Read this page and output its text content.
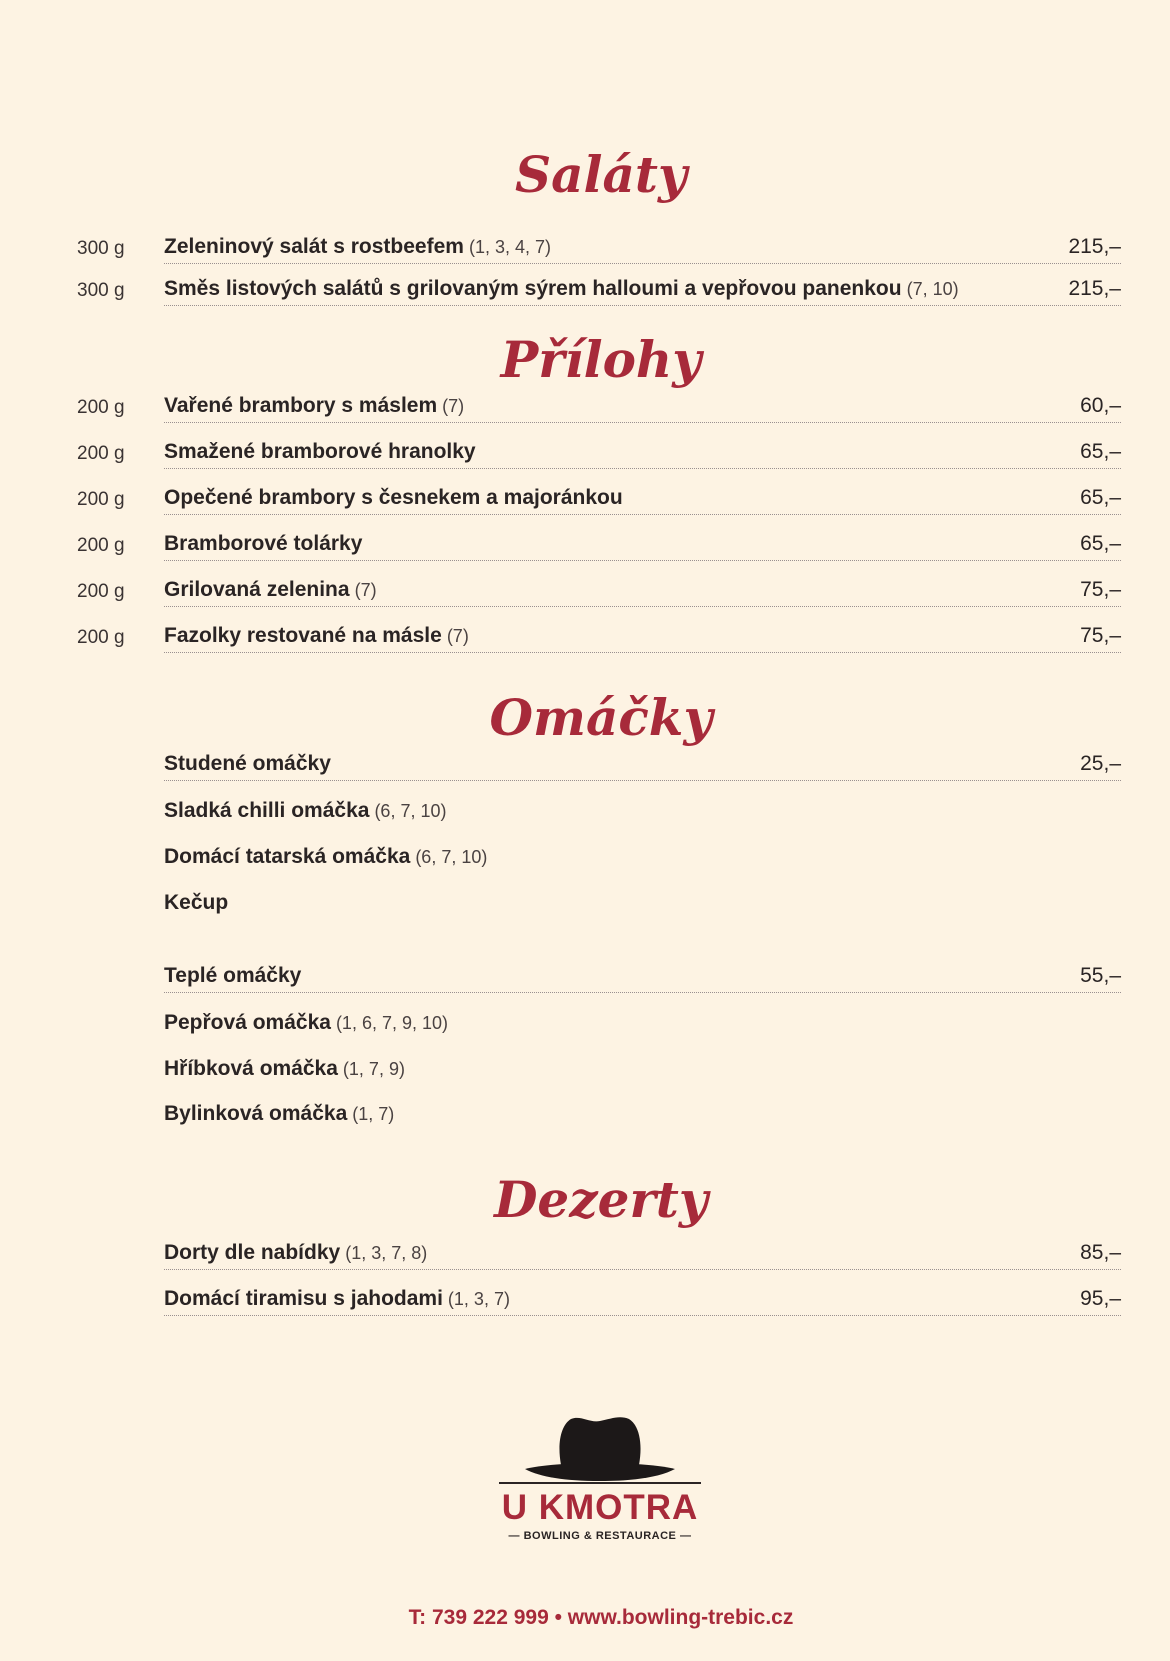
Saláty
Přílohy
Omáčky
Dezerty
300 g Zeleninový salát s rostbeefem (1, 3, 4, 7)	215,–
300 g Směs listových salátů s grilovaným sýrem halloumi a vepřovou panenkou (7, 10)	215,–
200 g Vařené brambory s máslem (7)	60,–
200 g Smažené bramborové hranolky	65,–
200 g Opečené brambory s česnekem a majoránkou	65,–
200 g Bramborové tolárky	65,–
200 g Grilovaná zelenina (7)	75,–
200 g Fazolky restované na másle (7)	75,–
Studené omáčky	25,–
Sladká chilli omáčka (6, 7, 10)
Domácí tatarská omáčka (6, 7, 10)
Kečup
Teplé omáčky	55,–
Pepřová omáčka (1, 6, 7, 9, 10)
Hříbková omáčka (1, 7, 9)
Bylinková omáčka (1, 7)
Dorty dle nabídky (1, 3, 7, 8)	85,–
Domácí tiramisu s jahodami (1, 3, 7)	95,–
U KMOTRA
— BOWLING & RESTAURACE —
T: 739 222 999 • www.bowling-trebic.cz
